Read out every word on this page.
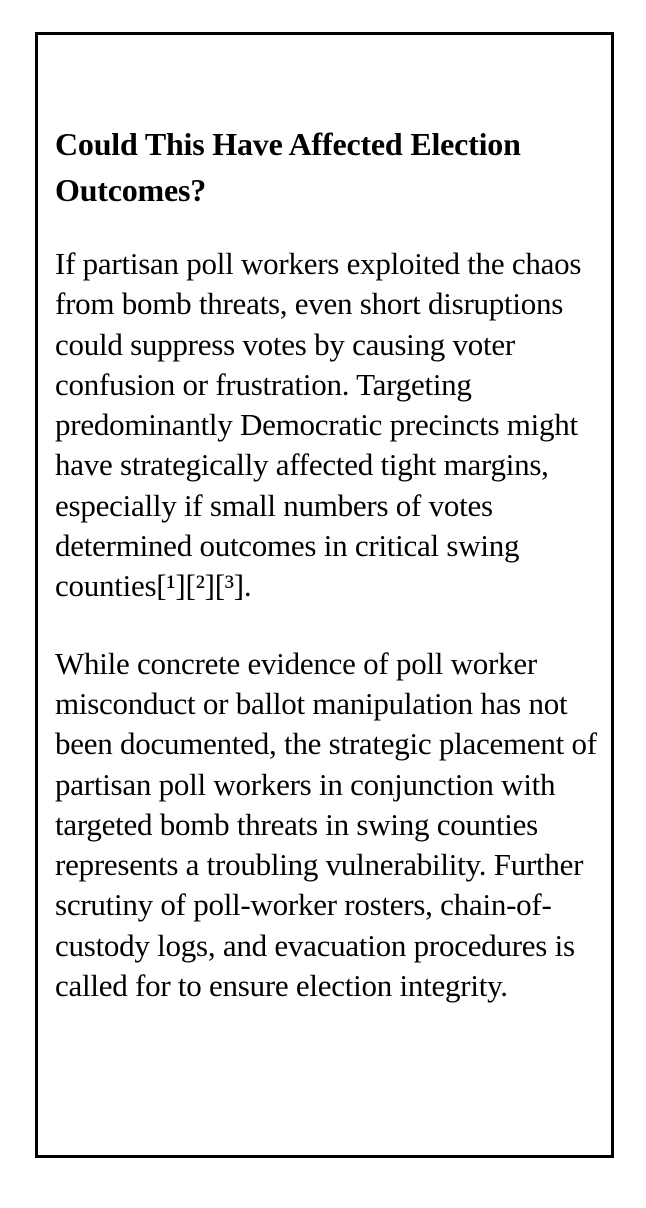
Could This Have Affected Election Outcomes?

If partisan poll workers exploited the chaos from bomb threats, even short disruptions could suppress votes by causing voter confusion or frustration. Targeting predominantly Democratic precincts might have strategically affected tight margins, especially if small numbers of votes determined outcomes in critical swing counties[¹][²][³].

While concrete evidence of poll worker misconduct or ballot manipulation has not been documented, the strategic placement of partisan poll workers in conjunction with targeted bomb threats in swing counties represents a troubling vulnerability. Further scrutiny of poll-worker rosters, chain-of-custody logs, and evacuation procedures is called for to ensure election integrity.
